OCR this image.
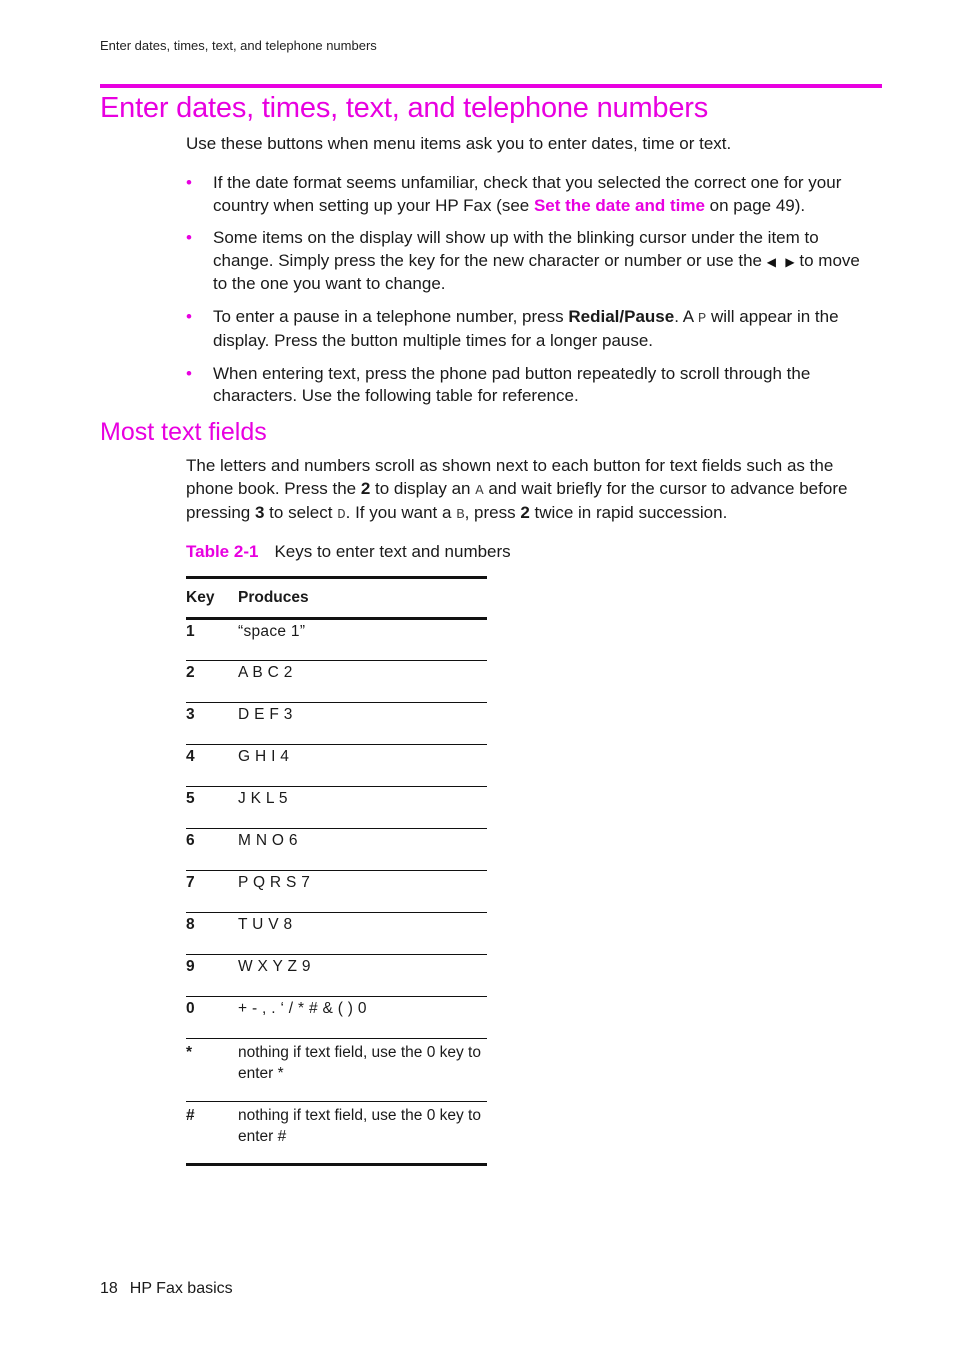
Enter dates, times, text, and telephone numbers
Enter dates, times, text, and telephone numbers

Use these buttons when menu items ask you to enter dates, time or text.

• If the date format seems unfamiliar, check that you selected the correct one for your country when setting up your HP Fax (see Set the date and time on page 49).
• Some items on the display will show up with the blinking cursor under the item to change. Simply press the key for the new character or number or use the ◀ ▶ to move to the one you want to change.
• To enter a pause in a telephone number, press Redial/Pause. A P will appear in the display. Press the button multiple times for a longer pause.
• When entering text, press the phone pad button repeatedly to scroll through the characters. Use the following table for reference.
Most text fields

The letters and numbers scroll as shown next to each button for text fields such as the phone book. Press the 2 to display an A and wait briefly for the cursor to advance before pressing 3 to select D. If you want a B, press 2 twice in rapid succession.

Table 2-1 Keys to enter text and numbers
Key	Produces
1	“space 1”
2	A B C 2
3	D E F 3
4	G H I 4
5	J K L 5
6	M N O 6
7	P Q R S 7
8	T U V 8
9	W X Y Z 9
0	+ - , . ‘ / * # & ( ) 0
*	nothing if text field, use the 0 key to enter *
#	nothing if text field, use the 0 key to enter #
18 HP Fax basics
